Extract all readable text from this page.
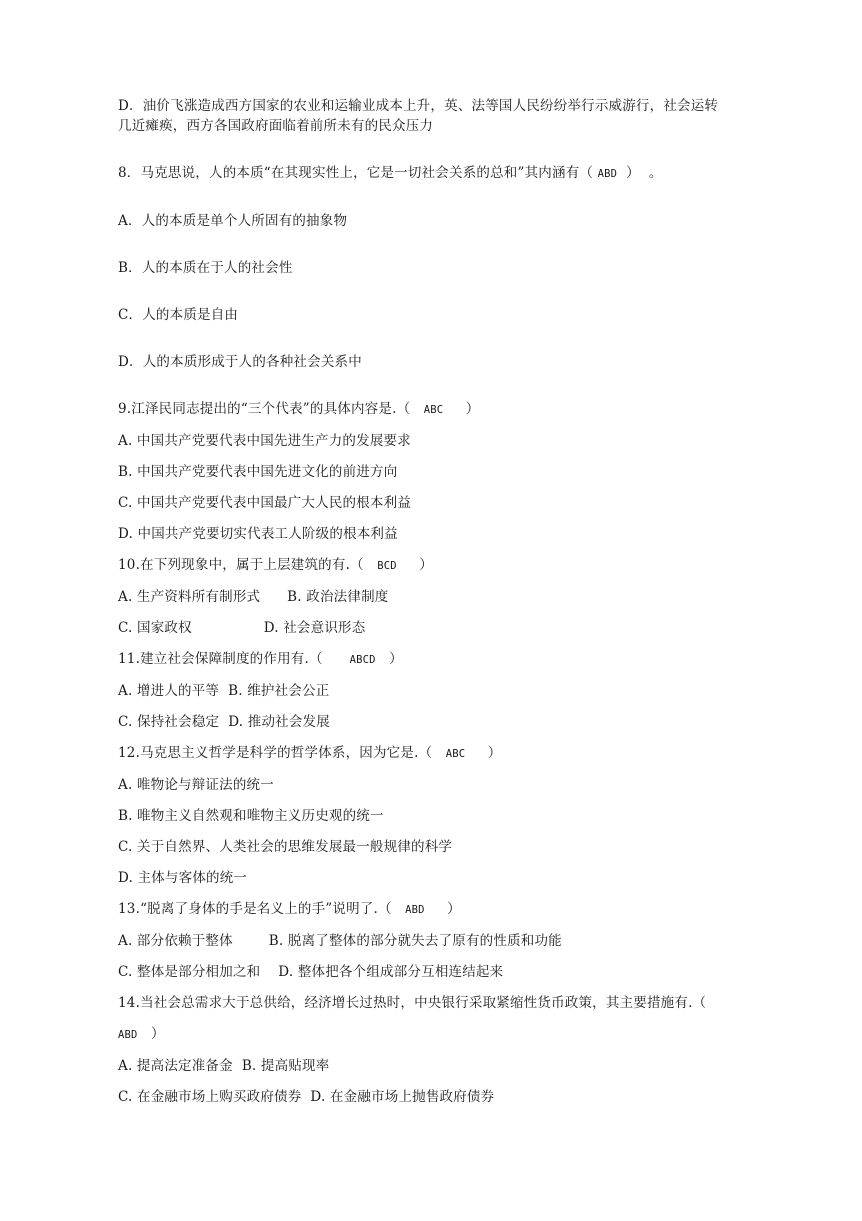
D．油价飞涨造成西方国家的农业和运输业成本上升，英、法等国人民纷纷举行示威游行，社会运转
几近瘫痪，西方各国政府面临着前所未有的民众压力
8．马克思说，人的本质“在其现实性上，它是一切社会关系的总和”其内涵有（ ABD  ）  。
A．人的本质是单个人所固有的抽象物
B．人的本质在于人的社会性
C．人的本质是自由
D．人的本质形成于人的各种社会关系中
9.江泽民同志提出的“三个代表”的具体内容是.（   ABC     ）
A. 中国共产党要代表中国先进生产力的发展要求
B. 中国共产党要代表中国先进文化的前进方向
C. 中国共产党要代表中国最广大人民的根本利益
D. 中国共产党要切实代表工人阶级的根本利益
10.在下列现象中，属于上层建筑的有.（   BCD     ）
A. 生产资料所有制形式      B. 政治法律制度
C. 国家政权                D. 社会意识形态
11.建立社会保障制度的作用有.（      ABCD   ）
A. 增进人的平等  B. 维护社会公正
C. 保持社会稳定  D. 推动社会发展
12.马克思主义哲学是科学的哲学体系，因为它是.（   ABC     ）
A. 唯物论与辩证法的统一
B. 唯物主义自然观和唯物主义历史观的统一
C. 关于自然界、人类社会的思维发展最一般规律的科学
D. 主体与客体的统一
13.“脱离了身体的手是名义上的手”说明了.（   ABD     ）
A. 部分依赖于整体        B. 脱离了整体的部分就失去了原有的性质和功能
C. 整体是部分相加之和    D. 整体把各个组成部分互相连结起来
14.当社会总需求大于总供给，经济增长过热时，中央银行采取紧缩性货币政策，其主要措施有.（
ABD   ）
A. 提高法定准备金  B. 提高贴现率
C. 在金融市场上购买政府债券  D. 在金融市场上抛售政府债券
